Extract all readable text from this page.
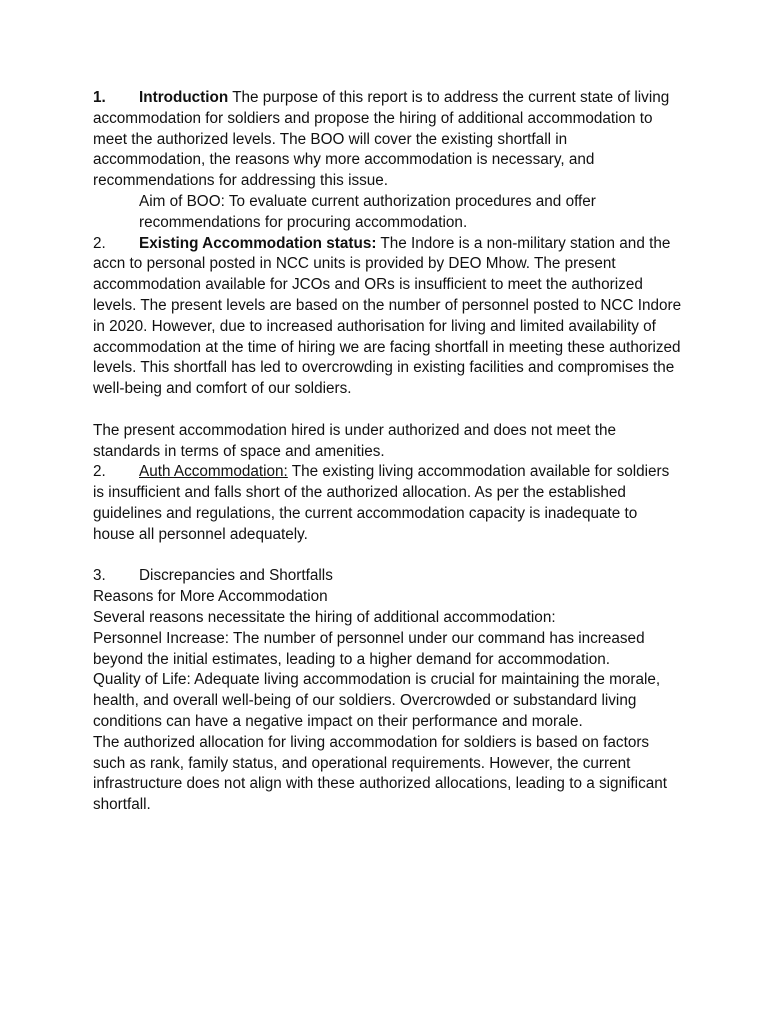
1. Introduction The purpose of this report is to address the current state of living accommodation for soldiers and propose the hiring of additional accommodation to meet the authorized levels. The BOO will cover the existing shortfall in accommodation, the reasons why more accommodation is necessary, and recommendations for addressing this issue.

Aim of BOO: To evaluate current authorization procedures and offer recommendations for procuring accommodation.

2. Existing Accommodation status: The Indore is a non-military station and the accn to personal posted in NCC units is provided by DEO Mhow. The present accommodation available for JCOs and ORs is insufficient to meet the authorized levels. The present levels are based on the number of personnel posted to NCC Indore in 2020. However, due to increased authorisation for living and limited availability of accommodation at the time of hiring we are facing shortfall in meeting these authorized levels. This shortfall has led to overcrowding in existing facilities and compromises the well-being and comfort of our soldiers.

The present accommodation hired is under authorized and does not meet the standards in terms of space and amenities.

2. Auth Accommodation: The existing living accommodation available for soldiers is insufficient and falls short of the authorized allocation. As per the established guidelines and regulations, the current accommodation capacity is inadequate to house all personnel adequately.

3. Discrepancies and Shortfalls

Reasons for More Accommodation

Several reasons necessitate the hiring of additional accommodation:

Personnel Increase: The number of personnel under our command has increased beyond the initial estimates, leading to a higher demand for accommodation.

Quality of Life: Adequate living accommodation is crucial for maintaining the morale, health, and overall well-being of our soldiers. Overcrowded or substandard living conditions can have a negative impact on their performance and morale.

The authorized allocation for living accommodation for soldiers is based on factors such as rank, family status, and operational requirements. However, the current infrastructure does not align with these authorized allocations, leading to a significant shortfall.
